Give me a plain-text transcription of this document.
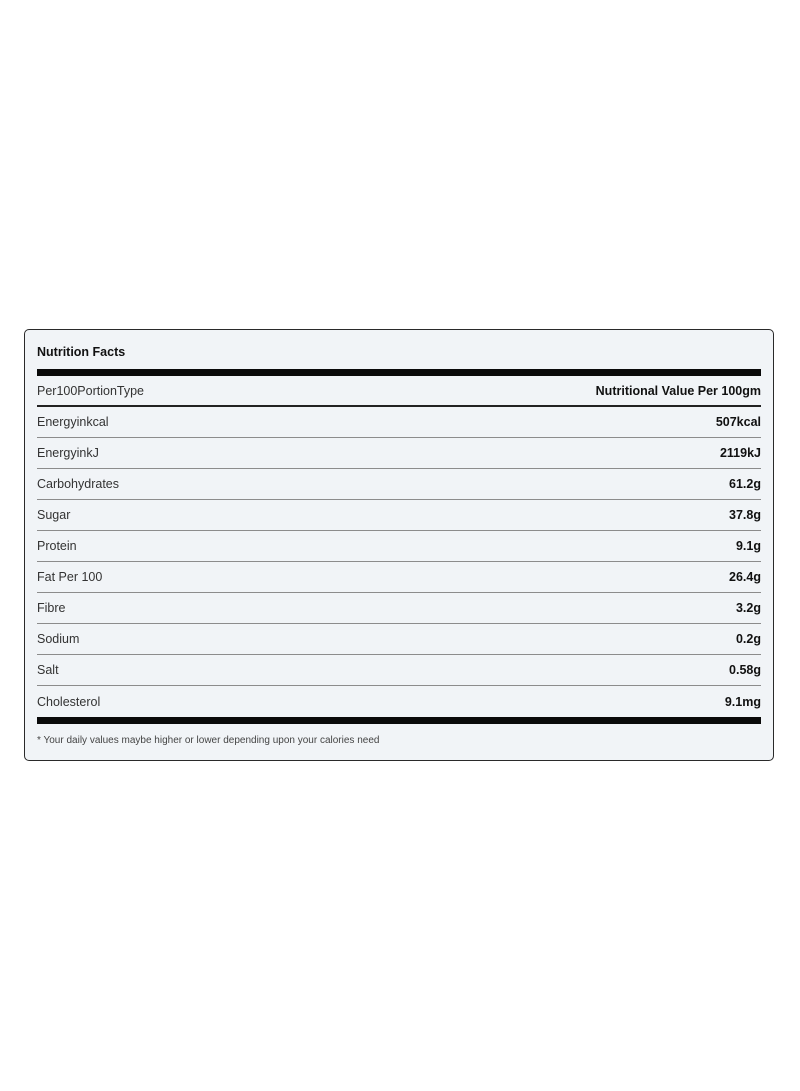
Nutrition Facts
Per100PortionType	Nutritional Value Per 100gm
Energyinkcal	507kcal
EnergyinkJ	2119kJ
Carbohydrates	61.2g
Sugar	37.8g
Protein	9.1g
Fat Per 100	26.4g
Fibre	3.2g
Sodium	0.2g
Salt	0.58g
Cholesterol	9.1mg
* Your daily values maybe higher or lower depending upon your calories need
